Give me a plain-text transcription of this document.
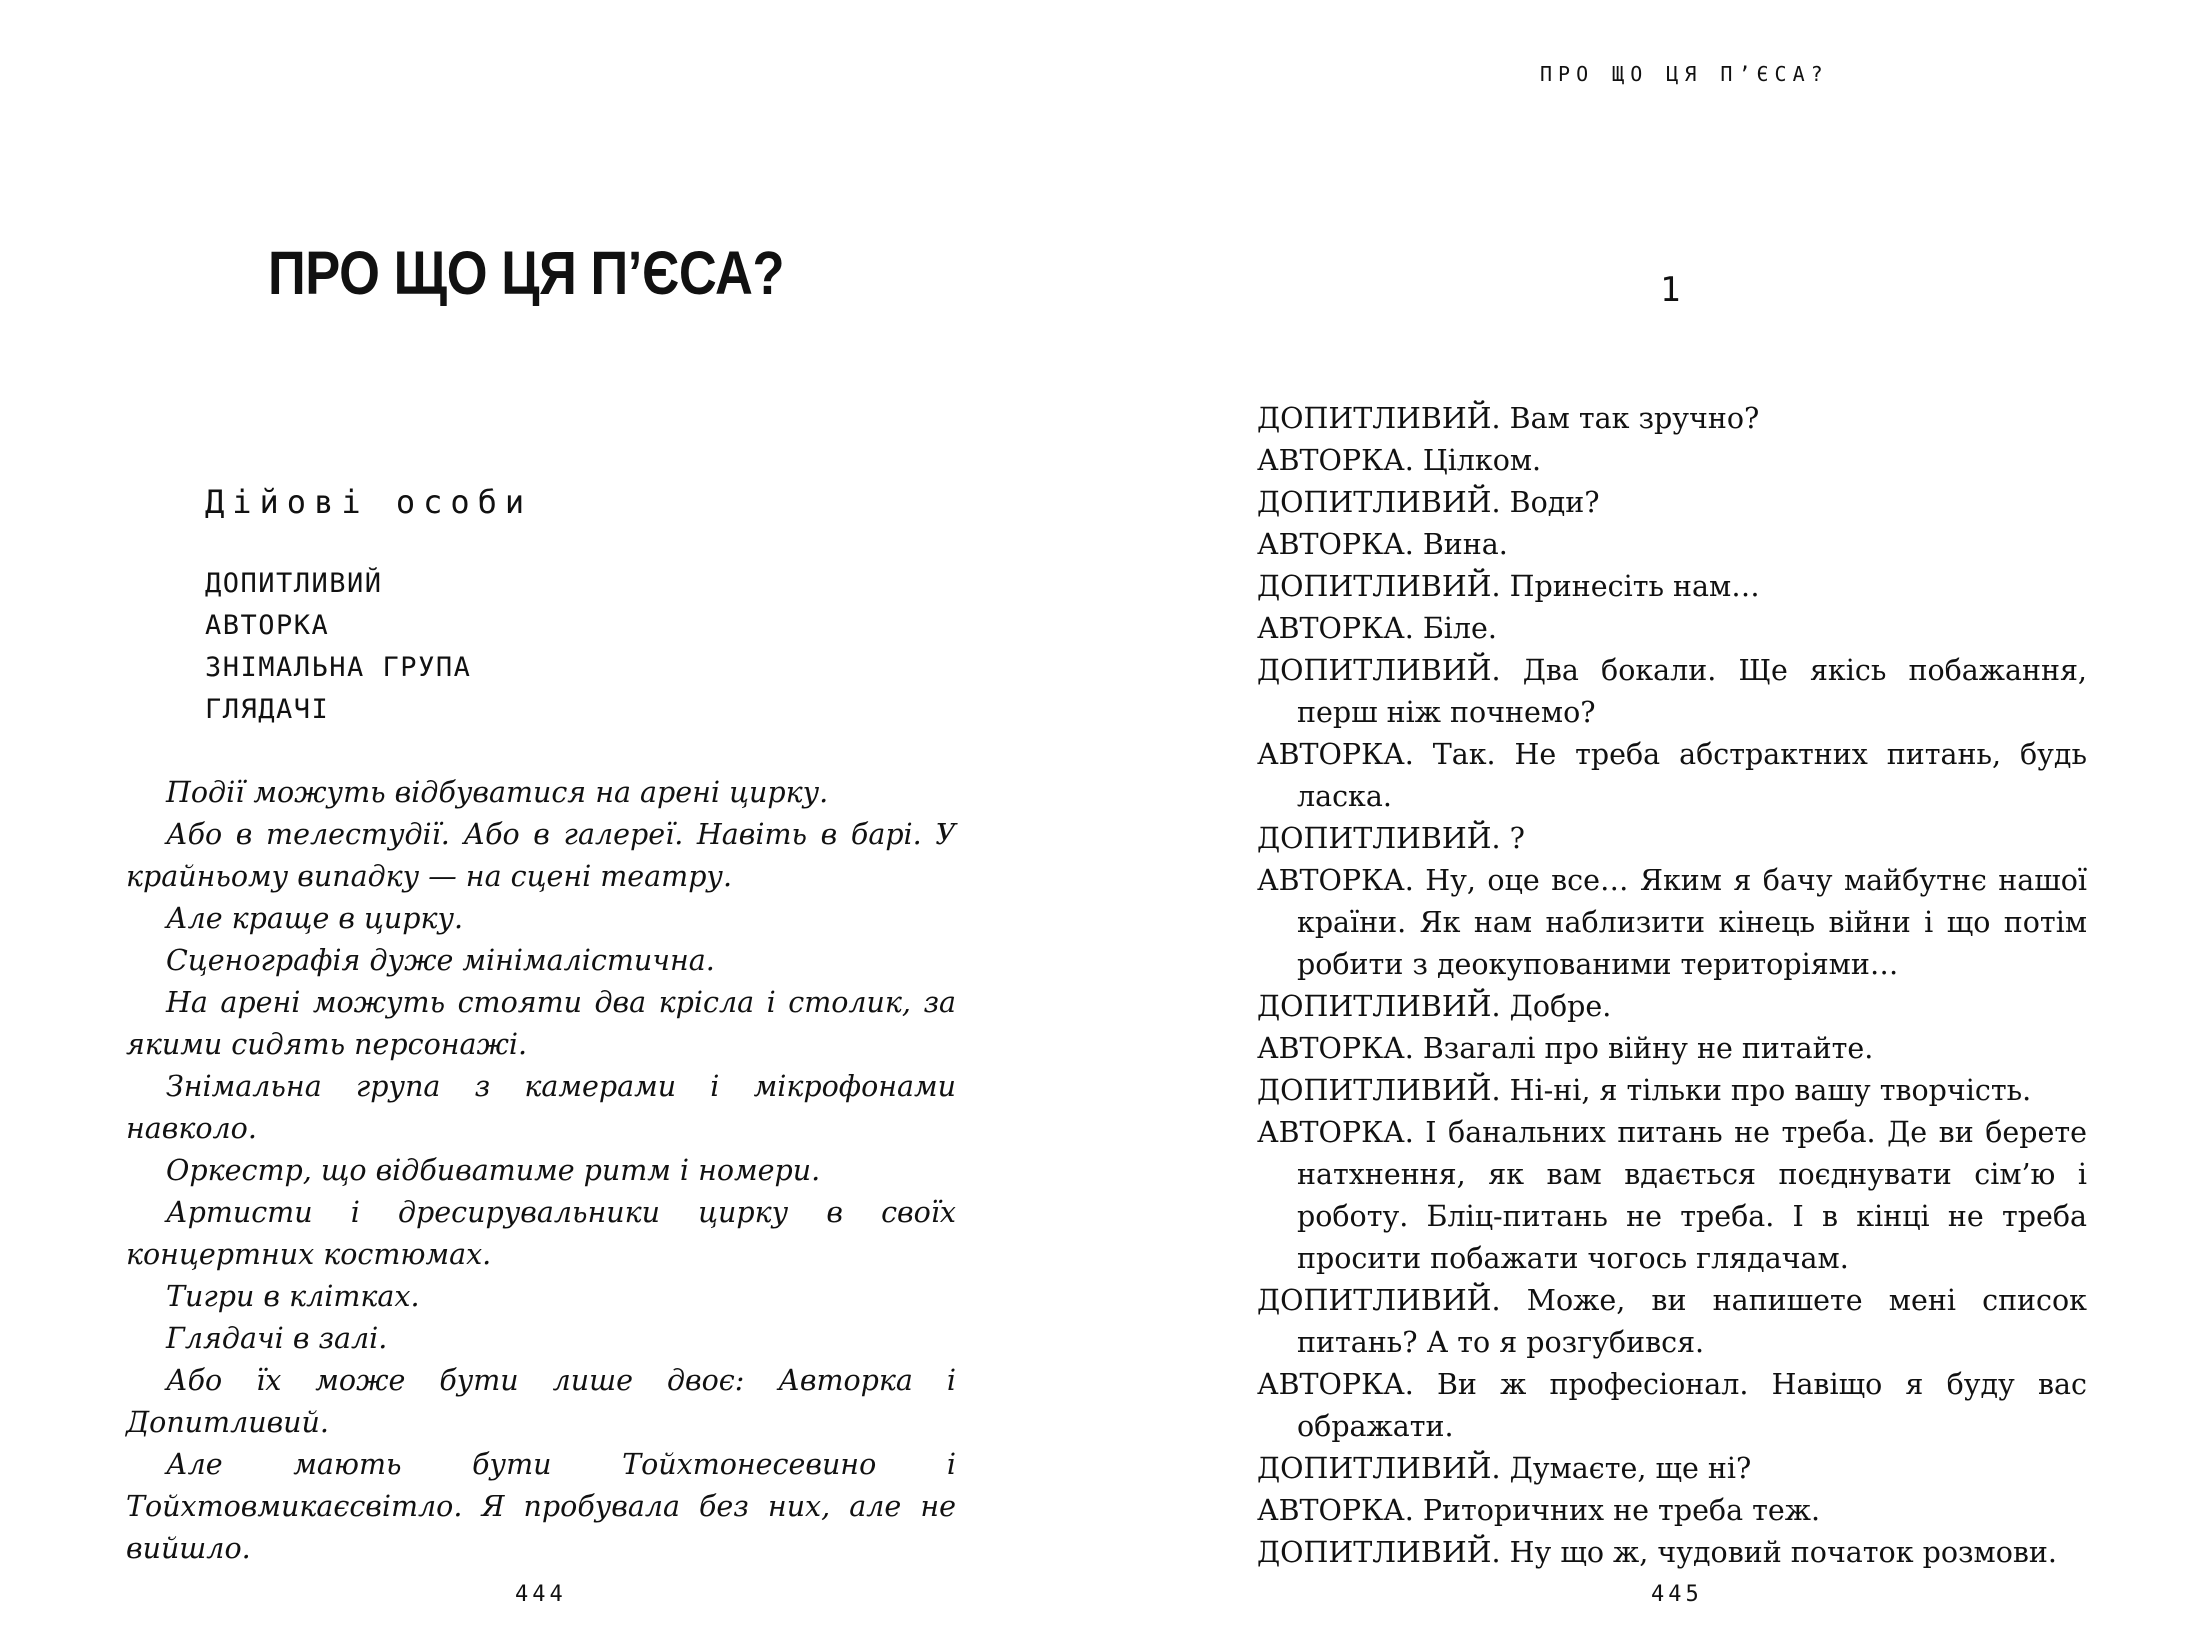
ПРО ЩО ЦЯ П’ЄСА?
Дійові особи
ДОПИТЛИВИЙ
АВТОРКА
ЗНІМАЛЬНА ГРУПА
ГЛЯДАЧІ

Події можуть відбуватися на арені цирку.

Або в телестудії. Або в галереї. Навіть в барі. У крайньому випадку — на сцені театру.

Але краще в цирку.

Сценографія дуже мінімалістична.

На арені можуть стояти два крісла і столик, за якими сидять персонажі.

Знімальна група з камерами і мікрофонами навколо.

Оркестр, що відбиватиме ритм і номери.

Артисти і дресирувальники цирку в своїх концертних костюмах.

Тигри в клітках.

Глядачі в залі.

Або їх може бути лише двоє: Авторка і Допитливий.

Але мають бути Тойхтонесевино і Тойхтовмикаєсвітло. Я пробувала без них, але не вийшло.

444
ПРО ЩО ЦЯ П’ЄСА?
1

ДОПИТЛИВИЙ. Вам так зручно?

АВТОРКА. Цілком.

ДОПИТЛИВИЙ. Води?

АВТОРКА. Вина.

ДОПИТЛИВИЙ. Принесіть нам…

АВТОРКА. Біле.

ДОПИТЛИВИЙ. Два бокали. Ще якісь побажання, перш ніж почнемо?

АВТОРКА. Так. Не треба абстрактних питань, будь ласка.

ДОПИТЛИВИЙ. ?

АВТОРКА. Ну, оце все… Яким я бачу майбутнє нашої країни. Як нам наблизити кінець війни і що потім робити з деокупованими територіями…

ДОПИТЛИВИЙ. Добре.

АВТОРКА. Взагалі про війну не питайте.

ДОПИТЛИВИЙ. Ні-ні, я тільки про вашу творчість.

АВТОРКА. І банальних питань не треба. Де ви берете натхнення, як вам вдається поєднувати сім’ю і роботу. Бліц-питань не треба. І в кінці не треба просити побажати чогось глядачам.

ДОПИТЛИВИЙ. Може, ви напишете мені список питань? А то я розгубився.

АВТОРКА. Ви ж професіонал. Навіщо я буду вас ображати.

ДОПИТЛИВИЙ. Думаєте, ще ні?

АВТОРКА. Риторичних не треба теж.

ДОПИТЛИВИЙ. Ну що ж, чудовий початок розмови.

445
